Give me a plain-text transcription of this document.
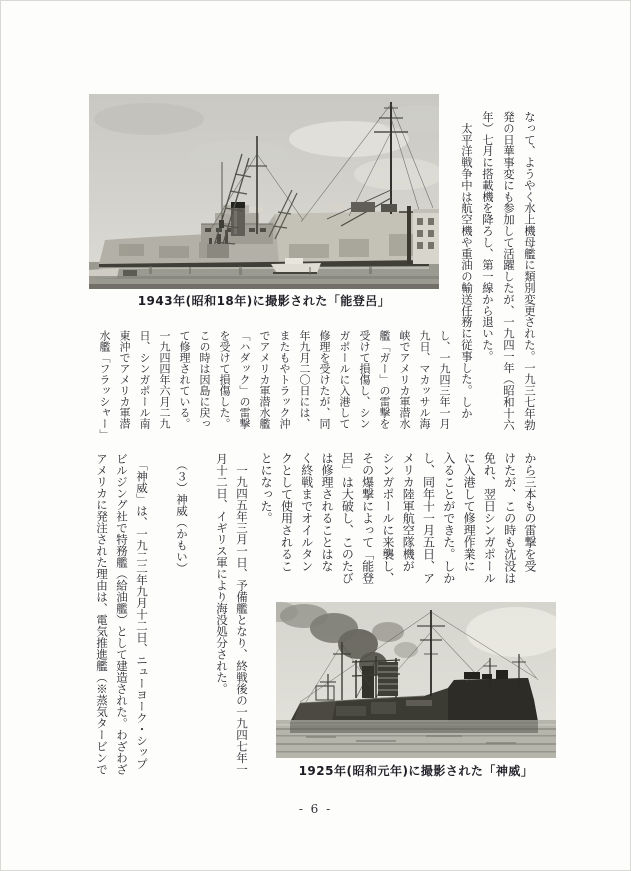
1943年(昭和18年)に撮影された「能登呂」	なって、ようやく水上機母艦に類別変更された。一九三七年勃
発の日華事変にも参加して活躍したが、一九四一年（昭和十六
年）七月に搭載機を降ろし、第一線から退いた。
　太平洋戦争中は航空機や重油の輸送任務に従事した。しか
し、一九四三年一月
九日、マカッサル海
峡でアメリカ軍潜水
艦「ガー」の雷撃を
受けて損傷し、シン
ガポールに入港して
修理を受けたが、同
年九月二〇日には、
またもやトラック沖
でアメリカ軍潜水艦
「ハダック」の雷撃
を受けて損傷した。
この時は因島に戻っ
て修理されている。
一九四四年六月二九
日、シンガポール南
東沖でアメリカ軍潜
水艦「フラッシャー」
から三本もの雷撃を受
けたが、この時も沈没は
免れ、翌日シンガポール
に入港して修理作業に
入ることができた。しか
し、同年十一月五日、ア
メリカ陸軍航空隊機が
シンガポールに来襲し、
その爆撃によって「能登
呂」は大破し、このたび
は修理されることはな
く終戦までオイルタン
クとして使用されるこ
とになった。
　一九四五年三月一日、予備艦となり、終戦後の一九四七年一
月十二日、イギリス軍により海没処分された。
　（３）神威（かもい）
　「神威」は、一九二二年九月十二日、ニューヨーク・シップ
ビルジング社で特務艦（給油艦）として建造された。わざわざ
アメリカに発注された理由は、電気推進艦（※蒸気タービンで	1925年(昭和元年)に撮影された「神威」
- 6 -
